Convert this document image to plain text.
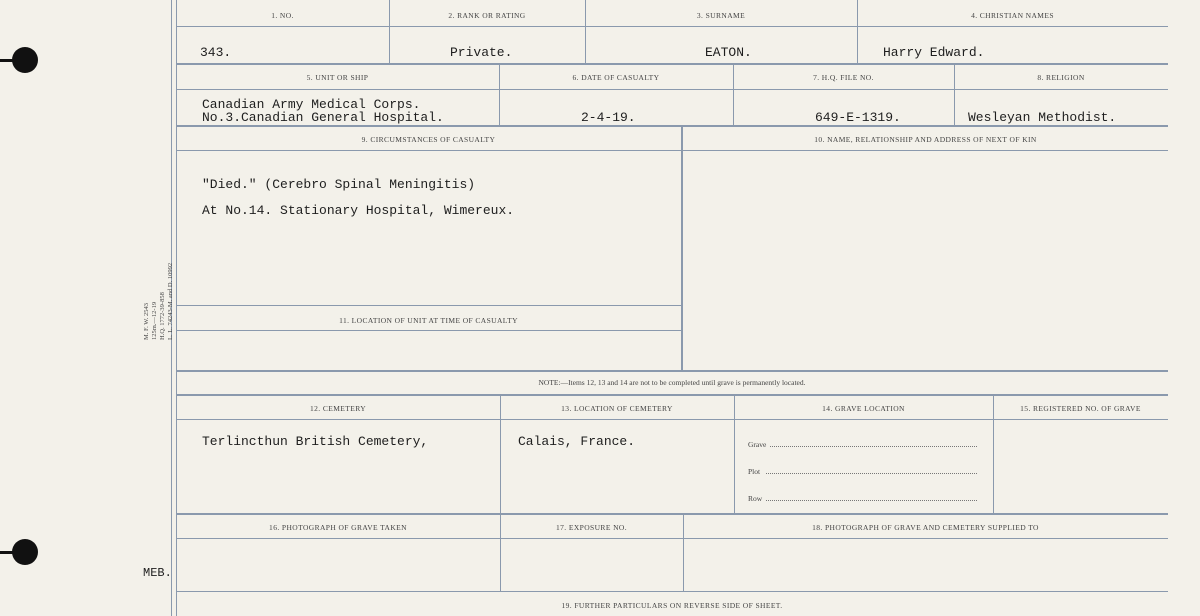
M. F. W. 2543 125m.—12-19 H.Q. 1772-39-858 L. L. 74243-M. and D. 10992
1. NO.	2. RANK OR RATING	3. SURNAME	4. CHRISTIAN NAMES
343.	Private.	EATON.	Harry Edward.
5. UNIT OR SHIP	6. DATE OF CASUALTY	7. H.Q. FILE NO.	8. RELIGION
Canadian Army Medical Corps.
No.3.Canadian General Hospital.	2-4-19.	649-E-1319.	Wesleyan Methodist.
9. CIRCUMSTANCES OF CASUALTY	10. NAME, RELATIONSHIP AND ADDRESS OF NEXT OF KIN
"Died." (Cerebro Spinal Meningitis)
At No.14. Stationary Hospital, Wimereux.
11. LOCATION OF UNIT AT TIME OF CASUALTY
NOTE:—Items 12, 13 and 14 are not to be completed until grave is permanently located.
12. CEMETERY	13. LOCATION OF CEMETERY	14. GRAVE LOCATION	15. REGISTERED NO. OF GRAVE
Terlincthun British Cemetery,	Calais, France.	Grave
Plot
Row
16. PHOTOGRAPH OF GRAVE TAKEN	17. EXPOSURE NO.	18. PHOTOGRAPH OF GRAVE AND CEMETERY SUPPLIED TO
MEB.
19. FURTHER PARTICULARS ON REVERSE SIDE OF SHEET.
